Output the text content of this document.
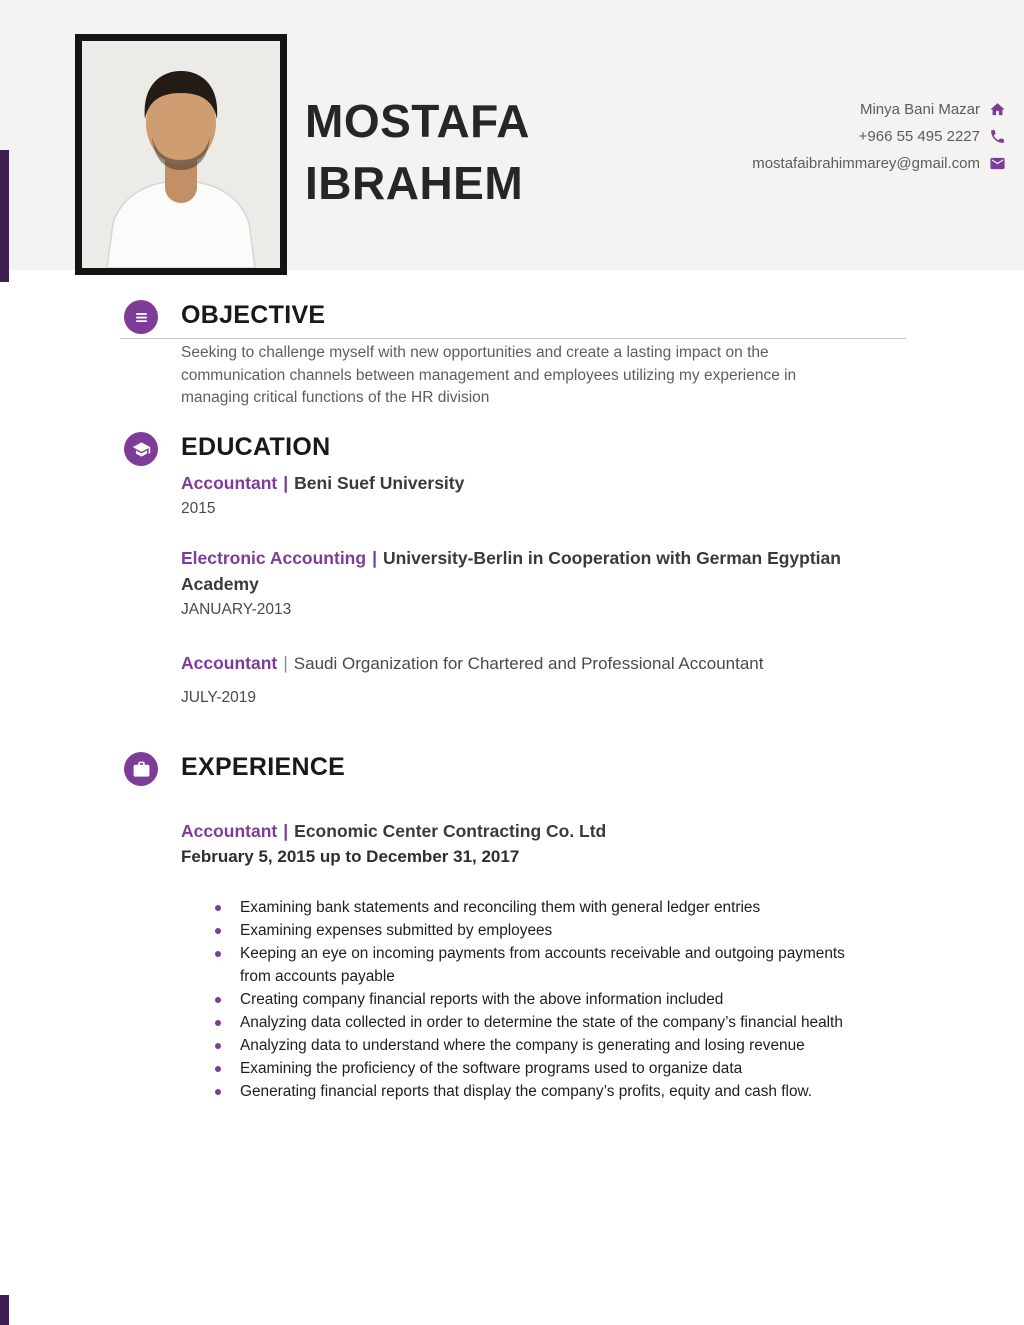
MOSTAFA
IBRAHEM
Minya Bani Mazar
+966 55 495 2227
mostafaibrahimmarey@gmail.com
OBJECTIVE

Seeking to challenge myself with new opportunities and create a lasting impact on the communication channels between management and employees utilizing my experience in managing critical functions of the HR division

EDUCATION
Accountant | Beni Suef University
2015
Electronic Accounting | University-Berlin in Cooperation with German Egyptian Academy
JANUARY-2013
Accountant | Saudi Organization for Chartered and Professional Accountant
JULY-2019
EXPERIENCE
Accountant | Economic Center Contracting Co. Ltd
February 5, 2015 up to December 31, 2017
Examining bank statements and reconciling them with general ledger entries
Examining expenses submitted by employees
Keeping an eye on incoming payments from accounts receivable and outgoing payments from accounts payable
Creating company financial reports with the above information included
Analyzing data collected in order to determine the state of the company’s financial health
Analyzing data to understand where the company is generating and losing revenue
Examining the proficiency of the software programs used to organize data
Generating financial reports that display the company’s profits, equity and cash flow.
